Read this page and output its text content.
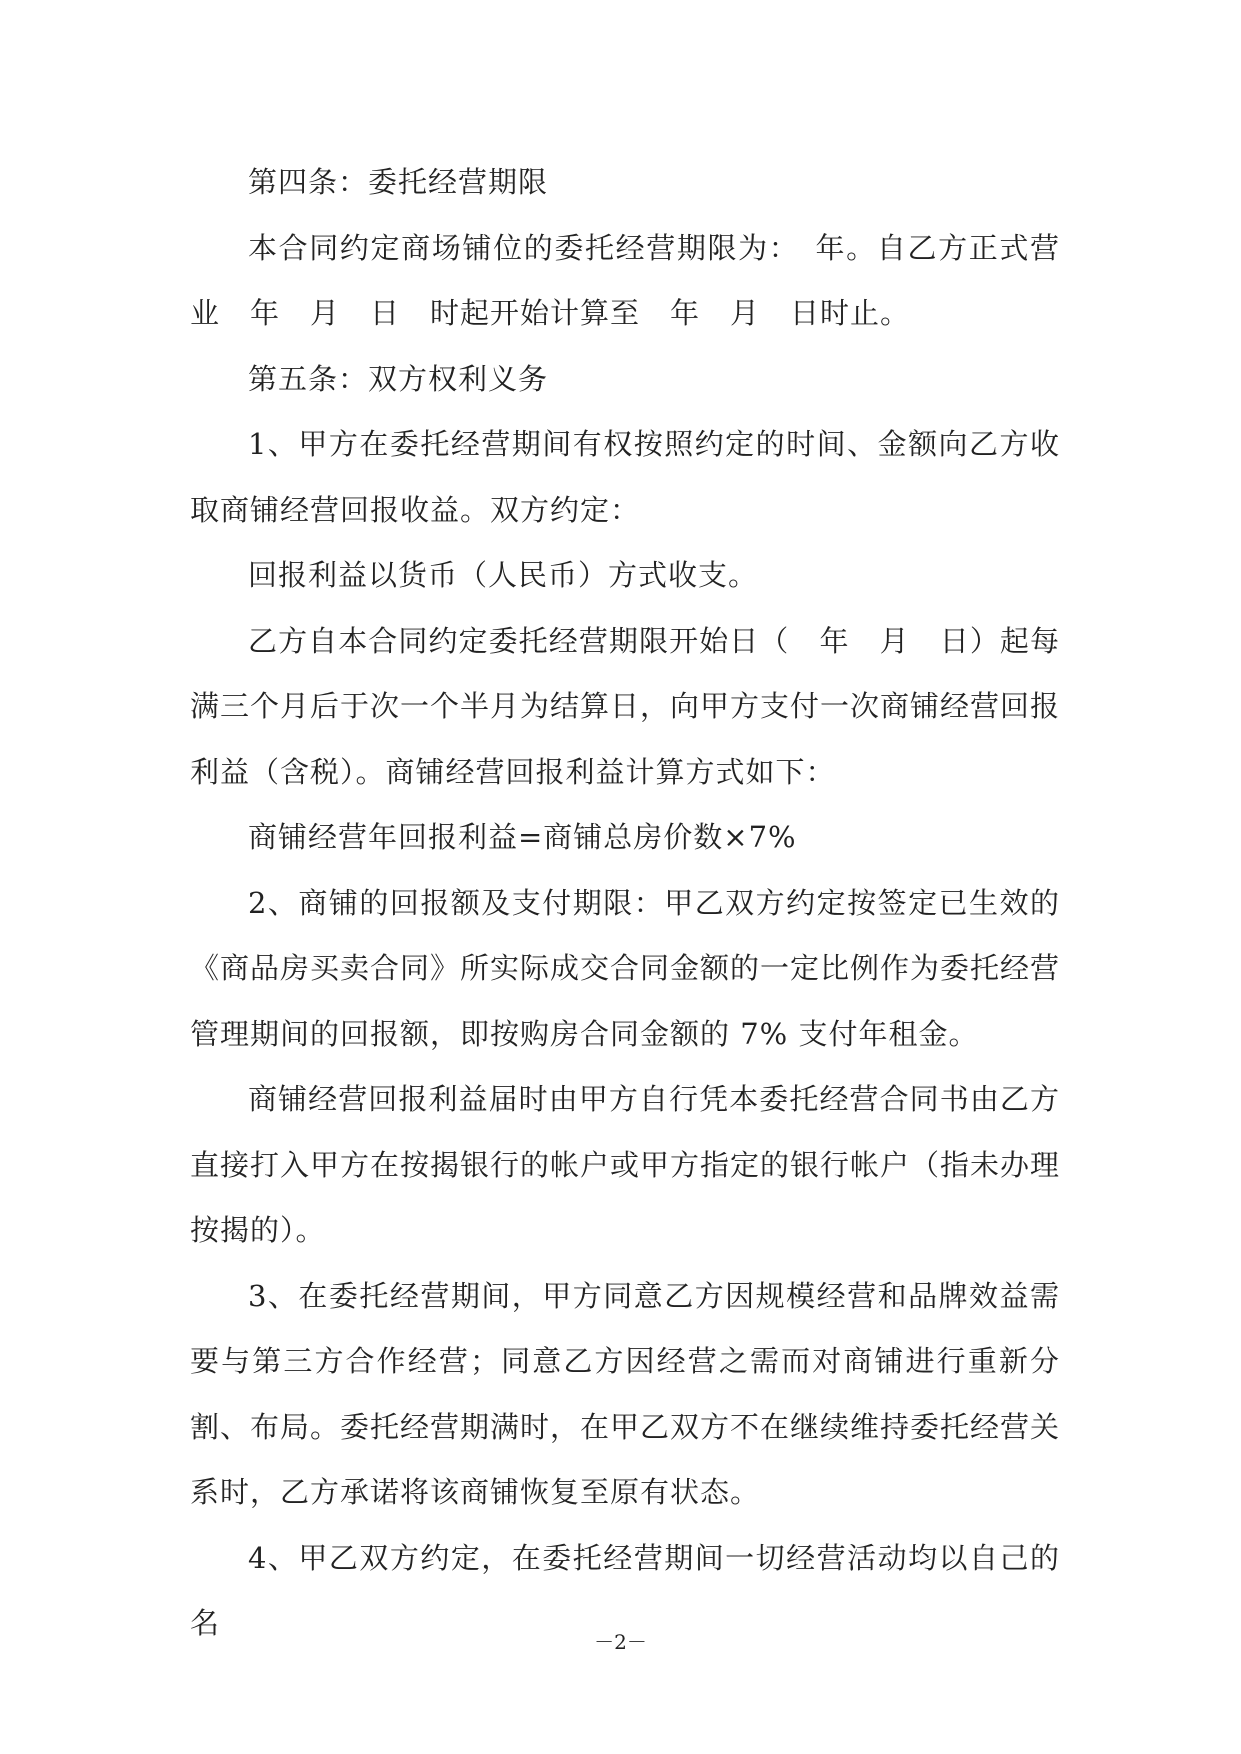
第四条：委托经营期限

本合同约定商场铺位的委托经营期限为：　年。自乙方正式营业　年　月　日　时起开始计算至　年　月　日时止。

第五条：双方权利义务

1、甲方在委托经营期间有权按照约定的时间、金额向乙方收取商铺经营回报收益。双方约定：

回报利益以货币（人民币）方式收支。

乙方自本合同约定委托经营期限开始日（　年　月　日）起每满三个月后于次一个半月为结算日，向甲方支付一次商铺经营回报利益（含税）。商铺经营回报利益计算方式如下：

商铺经营年回报利益=商铺总房价数×7%

2、商铺的回报额及支付期限：甲乙双方约定按签定已生效的《商品房买卖合同》所实际成交合同金额的一定比例作为委托经营管理期间的回报额，即按购房合同金额的 7% 支付年租金。

商铺经营回报利益届时由甲方自行凭本委托经营合同书由乙方直接打入甲方在按揭银行的帐户或甲方指定的银行帐户（指未办理按揭的）。

3、在委托经营期间，甲方同意乙方因规模经营和品牌效益需要与第三方合作经营；同意乙方因经营之需而对商铺进行重新分割、布局。委托经营期满时，在甲乙双方不在继续维持委托经营关系时，乙方承诺将该商铺恢复至原有状态。

4、甲乙双方约定，在委托经营期间一切经营活动均以自己的名

－2－
